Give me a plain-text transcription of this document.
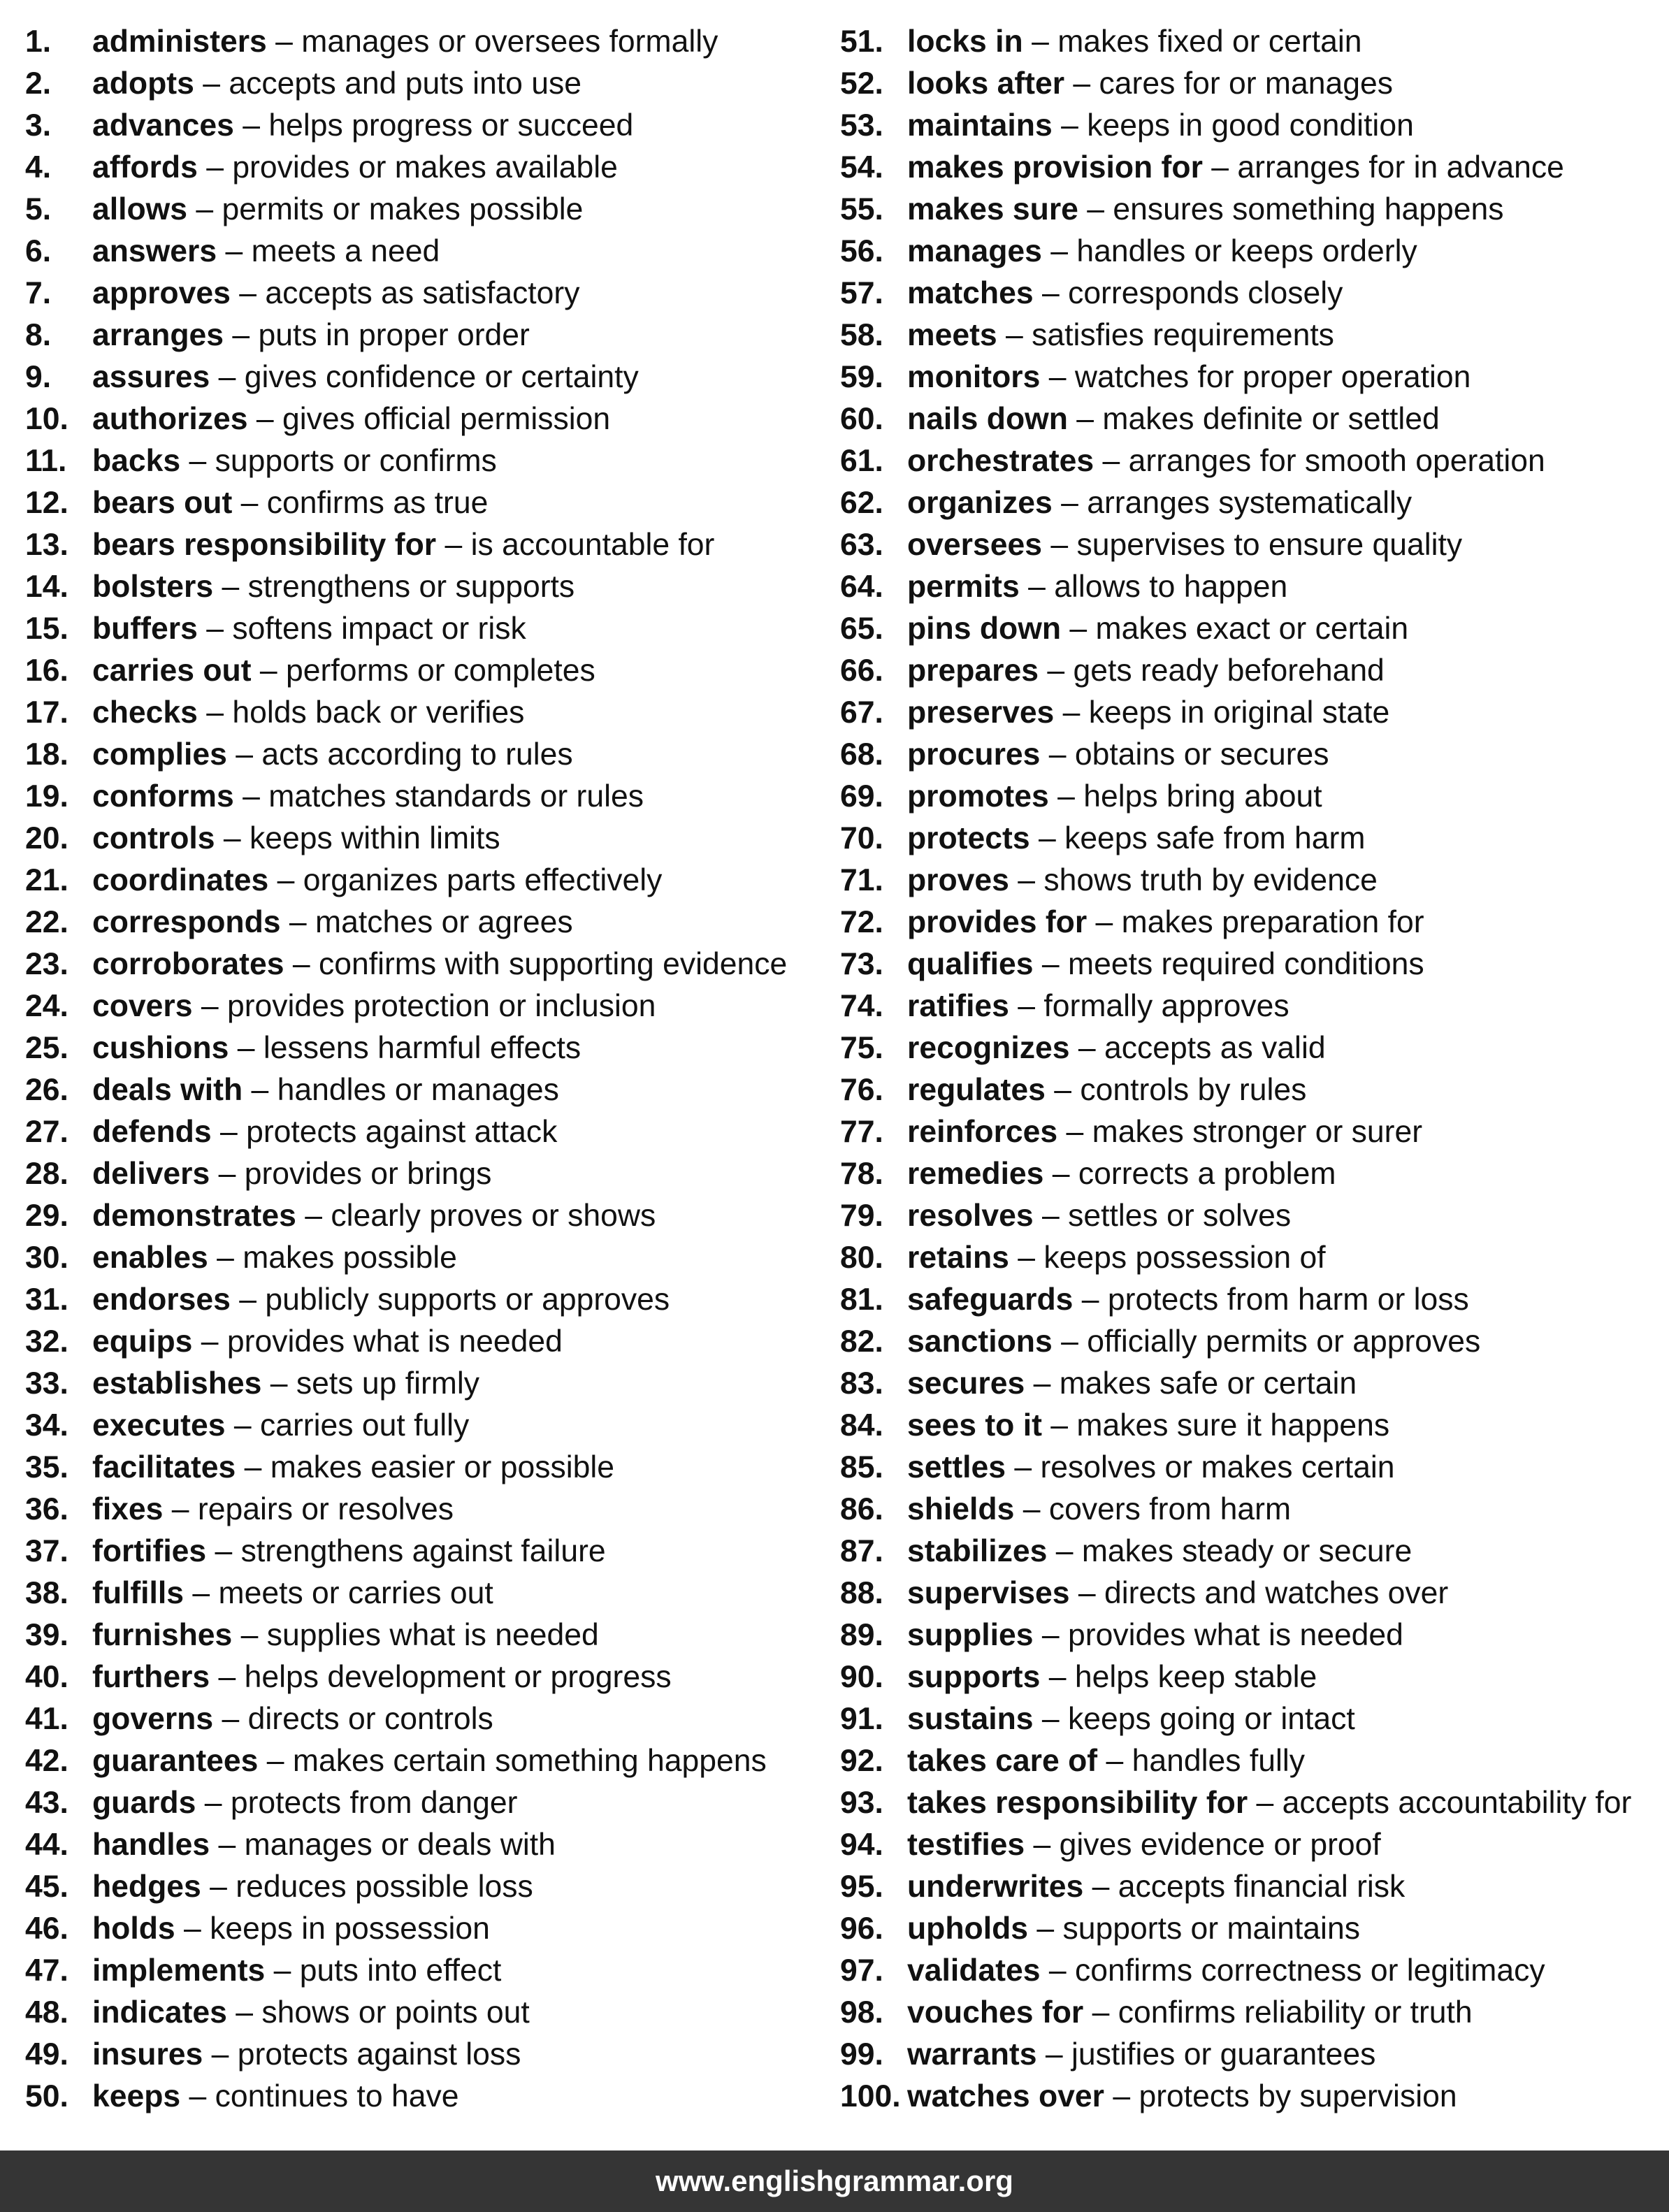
1.	administers – manages or oversees formally
2.	adopts – accepts and puts into use
3.	advances – helps progress or succeed
4.	affords – provides or makes available
5.	allows – permits or makes possible
6.	answers – meets a need
7.	approves – accepts as satisfactory
8.	arranges – puts in proper order
9.	assures – gives confidence or certainty
10. authorizes – gives official permission
11. backs – supports or confirms
12. bears out – confirms as true
13. bears responsibility for – is accountable for
14. bolsters – strengthens or supports
15. buffers – softens impact or risk
16. carries out – performs or completes
17. checks – holds back or verifies
18. complies – acts according to rules
19. conforms – matches standards or rules
20. controls – keeps within limits
21. coordinates – organizes parts effectively
22. corresponds – matches or agrees
23. corroborates – confirms with supporting evidence
24. covers – provides protection or inclusion
25. cushions – lessens harmful effects
26. deals with – handles or manages
27. defends – protects against attack
28. delivers – provides or brings
29. demonstrates – clearly proves or shows
30. enables – makes possible
31. endorses – publicly supports or approves
32. equips – provides what is needed
33. establishes – sets up firmly
34. executes – carries out fully
35. facilitates – makes easier or possible
36. fixes – repairs or resolves
37. fortifies – strengthens against failure
38. fulfills – meets or carries out
39. furnishes – supplies what is needed
40. furthers – helps development or progress
41. governs – directs or controls
42. guarantees – makes certain something happens
43. guards – protects from danger
44. handles – manages or deals with
45. hedges – reduces possible loss
46. holds – keeps in possession
47. implements – puts into effect
48. indicates – shows or points out
49. insures – protects against loss
50. keeps – continues to have
51. locks in – makes fixed or certain
52. looks after – cares for or manages
53. maintains – keeps in good condition
54. makes provision for – arranges for in advance
55. makes sure – ensures something happens
56. manages – handles or keeps orderly
57. matches – corresponds closely
58. meets – satisfies requirements
59. monitors – watches for proper operation
60. nails down – makes definite or settled
61. orchestrates – arranges for smooth operation
62. organizes – arranges systematically
63. oversees – supervises to ensure quality
64. permits – allows to happen
65. pins down – makes exact or certain
66. prepares – gets ready beforehand
67. preserves – keeps in original state
68. procures – obtains or secures
69. promotes – helps bring about
70. protects – keeps safe from harm
71. proves – shows truth by evidence
72. provides for – makes preparation for
73. qualifies – meets required conditions
74. ratifies – formally approves
75. recognizes – accepts as valid
76. regulates – controls by rules
77. reinforces – makes stronger or surer
78. remedies – corrects a problem
79. resolves – settles or solves
80. retains – keeps possession of
81. safeguards – protects from harm or loss
82. sanctions – officially permits or approves
83. secures – makes safe or certain
84. sees to it – makes sure it happens
85. settles – resolves or makes certain
86. shields – covers from harm
87. stabilizes – makes steady or secure
88. supervises – directs and watches over
89. supplies – provides what is needed
90. supports – helps keep stable
91. sustains – keeps going or intact
92. takes care of – handles fully
93. takes responsibility for – accepts accountability for
94. testifies – gives evidence or proof
95. underwrites – accepts financial risk
96. upholds – supports or maintains
97. validates – confirms correctness or legitimacy
98. vouches for – confirms reliability or truth
99. warrants – justifies or guarantees
100. watches over – protects by supervision
www.englishgrammar.org
